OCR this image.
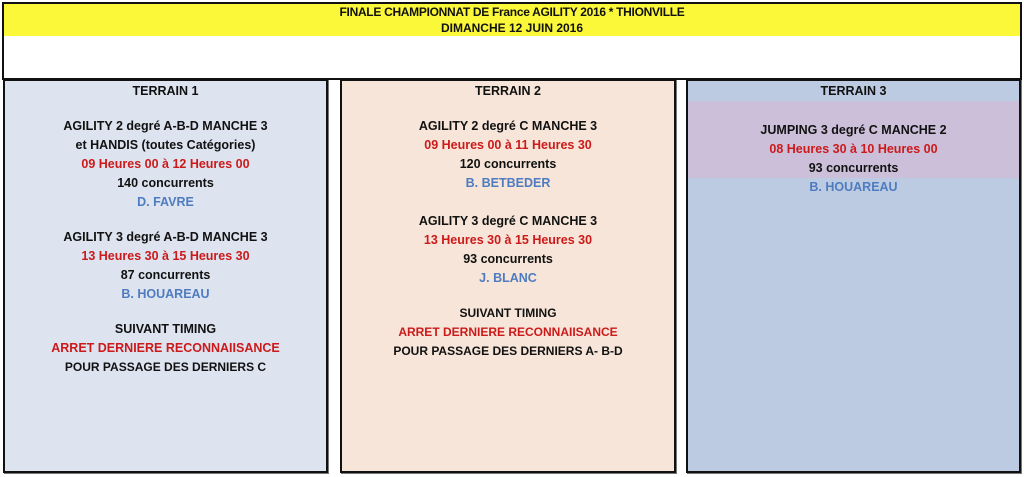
FINALE CHAMPIONNAT DE France AGILITY 2016 * THIONVILLE
DIMANCHE 12 JUIN 2016
TERRAIN 1
AGILITY 2 degré A-B-D MANCHE 3
et HANDIS (toutes Catégories)
09 Heures 00 à 12 Heures 00
140 concurrents
D. FAVRE
AGILITY 3 degré A-B-D MANCHE 3
13 Heures 30 à 15 Heures 30
87 concurrents
B. HOUAREAU
SUIVANT TIMING
ARRET DERNIERE RECONNAIISANCE
POUR PASSAGE DES DERNIERS C
TERRAIN 2
AGILITY 2 degré C MANCHE 3
09 Heures 00 à 11 Heures 30
120 concurrents
B. BETBEDER
AGILITY 3 degré C MANCHE 3
13 Heures 30 à 15 Heures 30
93 concurrents
J. BLANC
SUIVANT TIMING
ARRET DERNIERE RECONNAIISANCE
POUR PASSAGE DES DERNIERS A- B-D
TERRAIN 3
JUMPING 3 degré C MANCHE 2
08 Heures 30 à 10 Heures 00
93 concurrents
B. HOUAREAU
